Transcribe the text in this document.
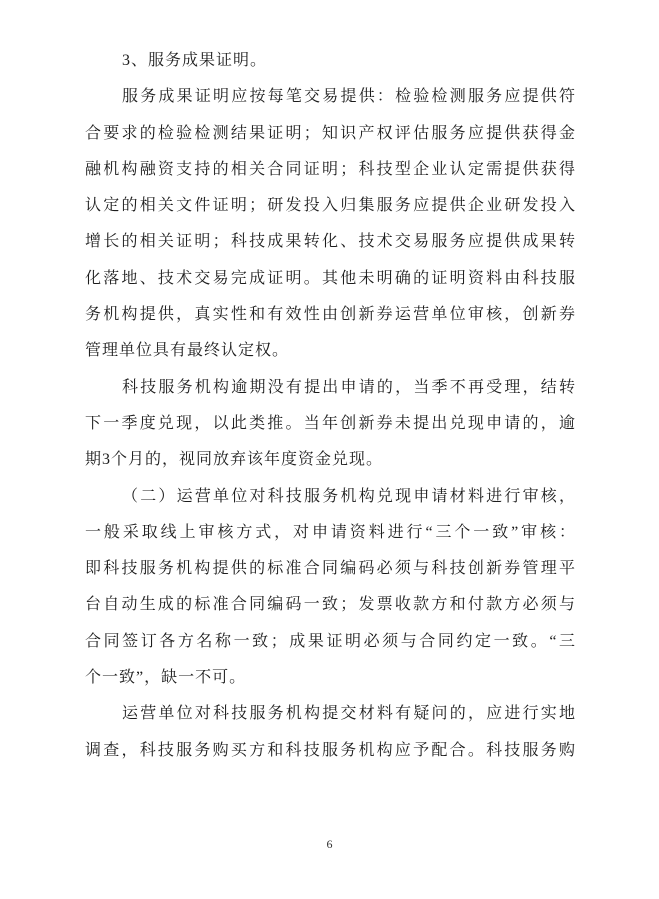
3、服务成果证明。
服务成果证明应按每笔交易提供：检验检测服务应提供符
合要求的检验检测结果证明；知识产权评估服务应提供获得金
融机构融资支持的相关合同证明；科技型企业认定需提供获得
认定的相关文件证明；研发投入归集服务应提供企业研发投入
增长的相关证明；科技成果转化、技术交易服务应提供成果转
化落地、技术交易完成证明。其他未明确的证明资料由科技服
务机构提供，真实性和有效性由创新券运营单位审核，创新券
管理单位具有最终认定权。
科技服务机构逾期没有提出申请的，当季不再受理，结转
下一季度兑现，以此类推。当年创新券未提出兑现申请的，逾
期3个月的，视同放弃该年度资金兑现。
（二）运营单位对科技服务机构兑现申请材料进行审核，
一般采取线上审核方式，对申请资料进行“三个一致”审核：
即科技服务机构提供的标准合同编码必须与科技创新券管理平
台自动生成的标准合同编码一致；发票收款方和付款方必须与
合同签订各方名称一致；成果证明必须与合同约定一致。“三
个一致”，缺一不可。
运营单位对科技服务机构提交材料有疑问的，应进行实地
调查，科技服务购买方和科技服务机构应予配合。科技服务购
6
